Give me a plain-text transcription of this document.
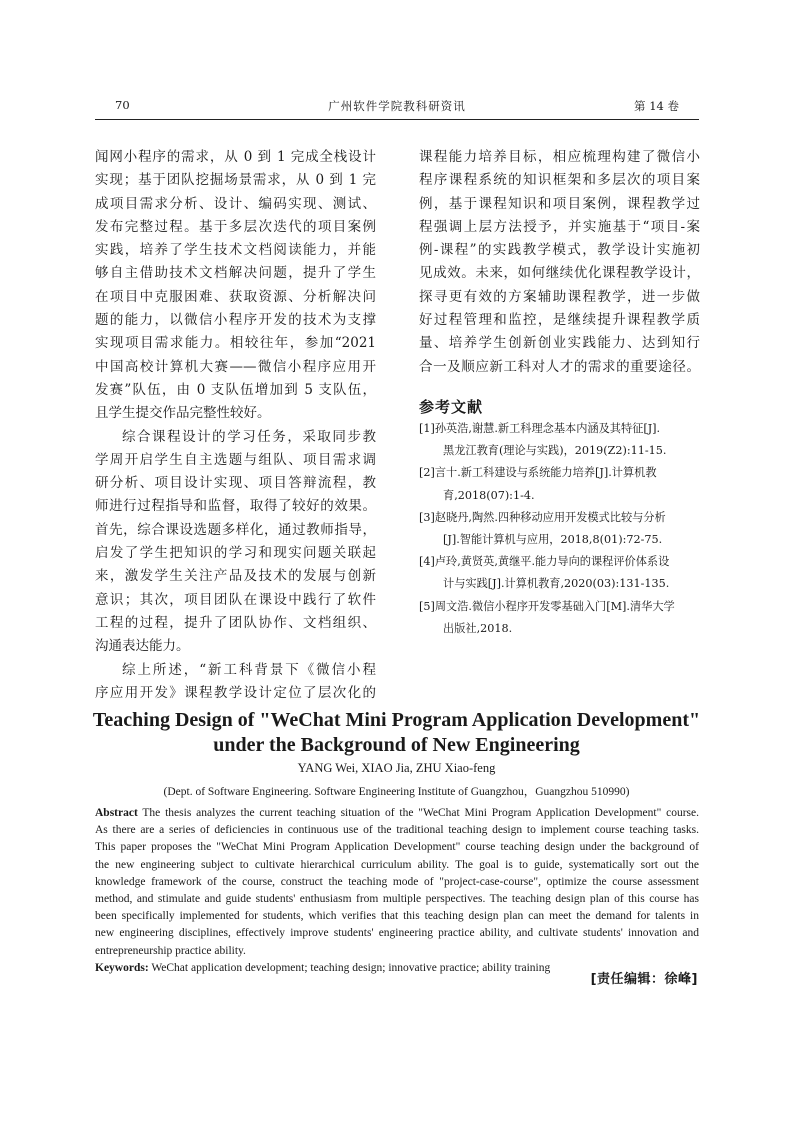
70	广州软件学院教科研资讯	第 14 卷
闻网小程序的需求，从 0 到 1 完成全栈设计
实现；基于团队挖掘场景需求，从 0 到 1 完
成项目需求分析、设计、编码实现、测试、
发布完整过程。基于多层次迭代的项目案例
实践，培养了学生技术文档阅读能力，并能
够自主借助技术文档解决问题，提升了学生
在项目中克服困难、获取资源、分析解决问
题的能力，以微信小程序开发的技术为支撑
实现项目需求能力。相较往年，参加“2021
中国高校计算机大赛——微信小程序应用开
发赛”队伍，由 0 支队伍增加到 5 支队伍，
且学生提交作品完整性较好。
综合课程设计的学习任务，采取同步教
学周开启学生自主选题与组队、项目需求调
研分析、项目设计实现、项目答辩流程，教
师进行过程指导和监督，取得了较好的效果。
首先，综合课设选题多样化，通过教师指导，
启发了学生把知识的学习和现实问题关联起
来，激发学生关注产品及技术的发展与创新
意识；其次，项目团队在课设中践行了软件
工程的过程，提升了团队协作、文档组织、
沟通表达能力。
综上所述，“新工科背景下《微信小程
序应用开发》课程教学设计定位了层次化的
课程能力培养目标，相应梳理构建了微信小
程序课程系统的知识框架和多层次的项目案
例，基于课程知识和项目案例，课程教学过
程强调上层方法授予，并实施基于“项目-案
例-课程”的实践教学模式，教学设计实施初
见成效。未来，如何继续优化课程教学设计，
探寻更有效的方案辅助课程教学，进一步做
好过程管理和监控，是继续提升课程教学质
量、培养学生创新创业实践能力、达到知行
合一及顺应新工科对人才的需求的重要途径。
参考文献
[1]孙英浩,谢慧.新工科理念基本内涵及其特征[J].
黑龙江教育(理论与实践)，2019(Z2):11-15.
[2]言十.新工科建设与系统能力培养[J].计算机教
育,2018(07):1-4.
[3]赵晓丹,陶然.四种移动应用开发模式比较与分析
[J].智能计算机与应用，2018,8(01):72-75.
[4]卢玲,黄贤英,黄继平.能力导向的课程评价体系设
计与实践[J].计算机教育,2020(03):131-135.
[5]周文浩.微信小程序开发零基础入门[M].清华大学
出版社,2018.
Teaching Design of "WeChat Mini Program Application Development"
under the Background of New Engineering
YANG Wei, XIAO Jia, ZHU Xiao-feng
(Dept. of Software Engineering. Software Engineering Institute of Guangzhou，Guangzhou 510990)
Abstract The thesis analyzes the current teaching situation of the "WeChat Mini Program Application Development" course.
As there are a series of deficiencies in continuous use of the traditional teaching design to implement course teaching tasks.
This paper proposes the "WeChat Mini Program Application Development" course teaching design under the background of
the new engineering subject to cultivate hierarchical curriculum ability. The goal is to guide, systematically sort out the
knowledge framework of the course, construct the teaching mode of "project-case-course", optimize the course assessment
method, and stimulate and guide students' enthusiasm from multiple perspectives. The teaching design plan of this course has
been specifically implemented for students, which verifies that this teaching design plan can meet the demand for talents in
new engineering disciplines, effectively improve students' engineering practice ability, and cultivate students' innovation and
entrepreneurship practice ability.
Keywords: WeChat application development; teaching design; innovative practice; ability training
[责任编辑：徐峰]
